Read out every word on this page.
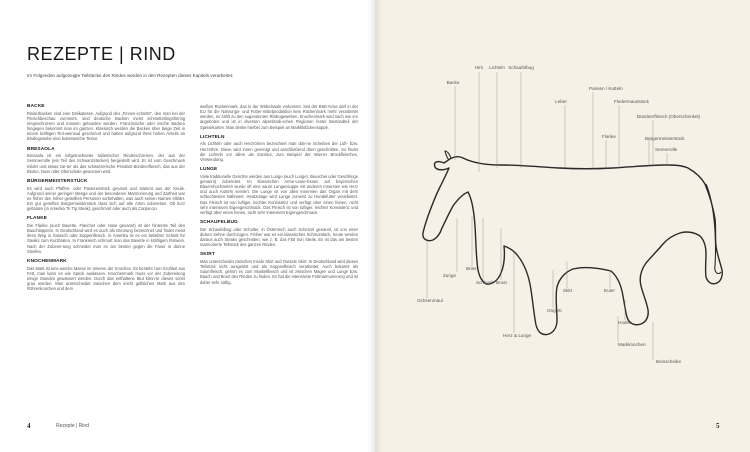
REZEPTE | RIND

Im Folgenden aufgezeigte Teilstücke des Rindes werden in den Rezepten dieses Kapitels verarbeitet:

BACKE

Rinderbacken sind eine Delikatesse. Aufgrund des „Finnen-schnitts“, den man bei der Fleischbeschau vornimmt, sind deutsche Backen meist schmetterlingsförmig eingeschnit-ten und müssen gebunden werden. Französische oder irische Backen hingegen bekommt man im ganzen. Klassisch werden die Backen über lange Zeit in einem kräftigen Rot-weinsud geschmort und haben aufgrund ihres hohen Anteils an Bindegewebe eine butterweiche Textur.

BRESAOLA

Bresaola ist ein luftgetrockneter italienischer Rinderschin-ken, der aus der Semmerrolle (ein Teil des Schwanzstückes) hergestellt wird. Er ist vom Geschmack milder und etwas zar-ter als das schweizerische Pendant Bündnerfleisch, das aus der Blume, Nuss oder Oberschale gewonnen wird.

BÜRGERMEISTERSTÜCK

Es wird auch Pfaffen- oder Pastorenstück genannt und stammt aus der Keule. Aufgrund seiner geringen Menge und der besonderen Marmorierung und Zartheit war es früher den höher gestellten Personen vorbehalten, was auch seinen Namen erklärt. Ein gut gereiftes Bürgermeisterstück lässt sich auf alle Arten zubereiten. Ob kurz gebraten (in Amerika Tri Tip Steak), geschmort oder auch als Carpaccio.

FLANKE

Die Flanke (auch Bavette, Flanchet oder Hose genannt) ist der hinterste Teil des Bauchlappens. In Deutschland wird es auch als Dünnung bezeichnet und findet meist ihren Weg in Gulasch oder Suppenfleisch. In Amerika ist es ein beliebter Schnitt für Steaks zum Kurzbraten. In Frankreich schmort man das Bavette in kräftigem Rotwein. Nach der Zuberei-tung schneidet man es am besten gegen die Faser in dünne Streifen.

KNOCHENMARK

Das Mark ist eine weiche Masse im Inneren der Knochen. Es besteht zum Großteil aus Fett, man kann es wie Speck auslassen. Knochenmark muss vor der Zubereitung einige Stunden gewässert werden. Durch das enthaltene Blut könn-te dieses sonst grau werden. Man unterscheidet zwischen dem leicht gelblichen Mark aus den Röhrenknochen und dem

weißen Rückenmark, das in der Wirbelsäule vorkommt. Seit der BSE-Krise darf in der EU für die Nahrungs- und Futter-mittelproduktion kein Rückenmark mehr verarbeitet werden, es zählt zu den sogenannten Risikogeweben. Knochenmark wird nach wie vor angeboten und ist in diversen alpenländi-schen Regionen fester Bestandteil der Speisekarten. Man denke hierbei zum Beispiel an Markklößchensuppe.

LICHTELN

Als Lichteln oder auch Herzröhren bezeichnet man dün-ne Scheiben der Luft- bzw. Herzröhre. Diese wird innen gereinigt und anschließend dünn geschnitten. So findet die Lichteln vor allem als Garnitur, zum Beispiel der Wiener Brückfleisches, Verwendung.

LUNGE

Viele traditionelle Gerichte werden aus Lunge (auch Lunge), Beuschel oder Geschlinge genannt) zubereitet. Im klassischen Arme-Leute-Essen auf bayerischen Bauernhochzeiten wurde oft eine saure Lungensuppe mit anderen Innereien wie Herz und auch Kutteln serviert. Die Lunge ist von allen Innereien das Organ mit dem schlechtesten Nährwert. Heutzutage wird Lunge zumeist zu Hundefutter verarbeitet. Das Fleisch ist von luftiger, leichter Konsistenz und verfügt über einen feinen, nicht sehr intensiven Eigengeschmack. Das Fleisch ist von luftiger, leichter Konsistenz und verfügt über einen feinen, nicht sehr intensiven Eigengeschmack.

SCHAUFELBUG

Der Schaufelbug oder Schulter, in Österreich auch Scherzel genannt, ist von einer dicken Sehne durchzogen. Früher war es ein klassisches Schmorstück, heute werden daraus auch Steaks geschnitten, wie z. B. das Flat Iron Steak. Es ist das am besten marmorierte Teilstück des ganzen Rindes.

SKIRT

Man unterscheidet zwischen Inside Skirt und Outside Skirt. In Deutschland wird dieses Teilstück nicht ausgelöst und als Suppenfleisch verarbeitet. Auch bekannt als Saumfleisch, gehört es zum Muskelfleisch und ist zwischen Magen und Lunge bzw. Bauch und Brust des Rindes zu finden. Es hat die intensivste Fettmarmorierung und ist daher sehr saftig.

4	Rezepte | Rind
Hirn Lichteln Schaufelbug
Backe
Leber
Pansen / Kutteln
Fledermausstück
Flanke
Bündnerfleisch (Oberschenkel)
Bürgermeisterstück
Semerrolle
Zunge
Bries
Schlund Brust
Skirt	Euter
Ochsenmaul
Ongleti
Herz & Lunge
Hoden
Markknochen
Beinscheibe
5
